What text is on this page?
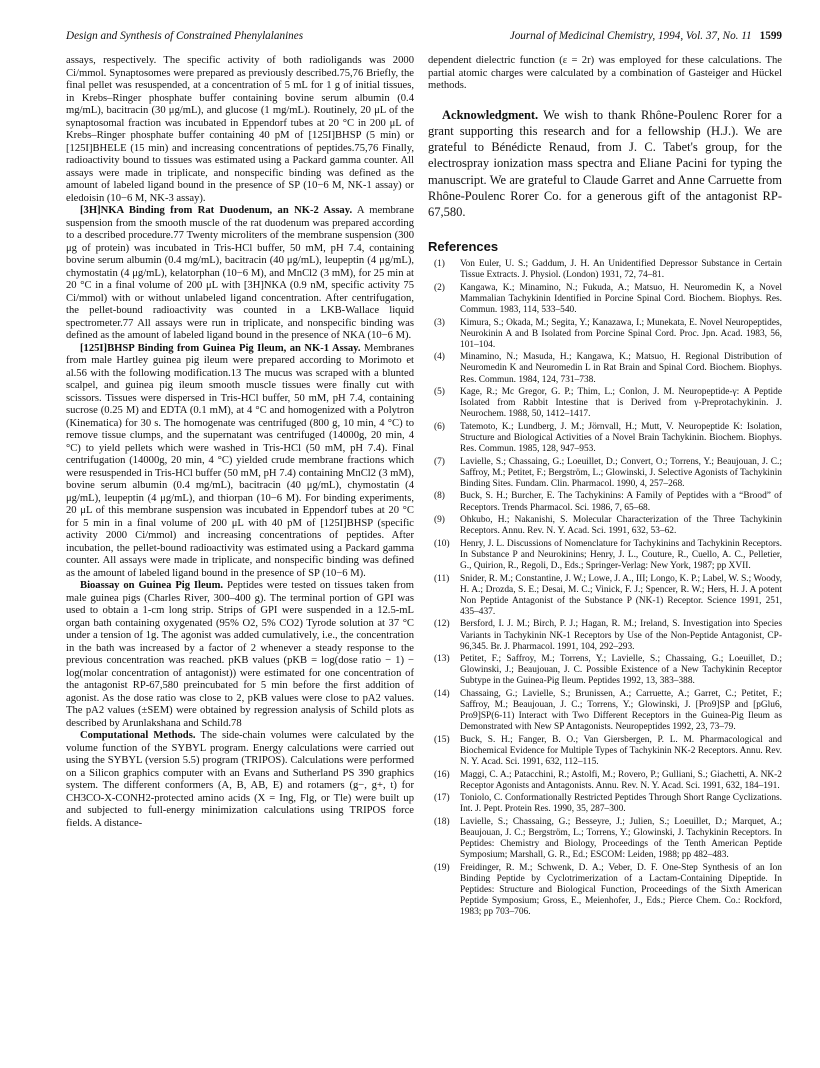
Design and Synthesis of Constrained Phenylalanines	Journal of Medicinal Chemistry, 1994, Vol. 37, No. 11 1599

assays, respectively. The specific activity of both radioligands was 2000 Ci/mmol. Synaptosomes were prepared as previously described.75,76 Briefly, the final pellet was resuspended, at a concentration of 5 mL for 1 g of initial tissues, in Krebs–Ringer phosphate buffer containing bovine serum albumin (0.4 mg/mL), bacitracin (30 μg/mL), and glucose (1 mg/mL). Routinely, 20 μL of the synaptosomal fraction was incubated in Eppendorf tubes at 20 °C in 200 μL of Krebs–Ringer phosphate buffer containing 40 pM of [125I]BHSP (5 min) or [125I]BHELE (15 min) and increasing concentrations of peptides.75,76 Finally, radioactivity bound to tissues was estimated using a Packard gamma counter. All assays were made in triplicate, and nonspecific binding was defined as the amount of labeled ligand bound in the presence of SP (10−6 M, NK-1 assay) or eledoisin (10−6 M, NK-3 assay).

[3H]NKA Binding from Rat Duodenum, an NK-2 Assay. A membrane suspension from the smooth muscle of the rat duodenum was prepared according to a described procedure.77 Twenty microliters of the membrane suspension (300 μg of protein) was incubated in Tris-HCl buffer, 50 mM, pH 7.4, containing bovine serum albumin (0.4 mg/mL), bacitracin (40 μg/mL), leupeptin (4 μg/mL), chymostatin (4 μg/mL), kelatorphan (10−6 M), and MnCl2 (3 mM), for 25 min at 20 °C in a final volume of 200 μL with [3H]NKA (0.9 nM, specific activity 75 Ci/mmol) with or without unlabeled ligand concentration. After centrifugation, the pellet-bound radioactivity was counted in a LKB-Wallace liquid spectrometer.77 All assays were run in triplicate, and nonspecific binding was defined as the amount of labeled ligand bound in the presence of NKA (10−6 M).

[125I]BHSP Binding from Guinea Pig Ileum, an NK-1 Assay. Membranes from male Hartley guinea pig ileum were prepared according to Morimoto et al.56 with the following modification.13 The mucus was scraped with a blunted scalpel, and guinea pig ileum smooth muscle tissues were finally cut with scissors. Tissues were dispersed in Tris-HCl buffer, 50 mM, pH 7.4, containing sucrose (0.25 M) and EDTA (0.1 mM), at 4 °C and homogenized with a Polytron (Kinematica) for 30 s. The homogenate was centrifuged (800 g, 10 min, 4 °C) to remove tissue clumps, and the supernatant was centrifuged (14000g, 20 min, 4 °C) to yield pellets which were washed in Tris-HCl (50 mM, pH 7.4). Final centrifugation (14000g, 20 min, 4 °C) yielded crude membrane fractions which were resuspended in Tris-HCl buffer (50 mM, pH 7.4) containing MnCl2 (3 mM), bovine serum albumin (0.4 mg/mL), bacitracin (40 μg/mL), chymostatin (4 μg/mL), leupeptin (4 μg/mL), and thiorpan (10−6 M). For binding experiments, 20 μL of this membrane suspension was incubated in Eppendorf tubes at 20 °C for 5 min in a final volume of 200 μL with 40 pM of [125I]BHSP (specific activity 2000 Ci/mmol) and increasing concentrations of peptides. After incubation, the pellet-bound radioactivity was estimated using a Packard gamma counter. All assays were made in triplicate, and nonspecific binding was defined as the amount of labeled ligand bound in the presence of SP (10−6 M).

Bioassay on Guinea Pig Ileum. Peptides were tested on tissues taken from male guinea pigs (Charles River, 300–400 g). The terminal portion of GPI was used to obtain a 1-cm long strip. Strips of GPI were suspended in a 12.5-mL organ bath containing oxygenated (95% O2, 5% CO2) Tyrode solution at 37 °C under a tension of 1g. The agonist was added cumulatively, i.e., the concentration in the bath was increased by a factor of 2 whenever a steady response to the previous concentration was reached. pKB values (pKB = log(dose ratio − 1) − log(molar concentration of antagonist)) were estimated for one concentration of the antagonist RP-67,580 preincubated for 5 min before the first addition of agonist. As the dose ratio was close to 2, pKB values were close to pA2 values. The pA2 values (±SEM) were obtained by regression analysis of Schild plots as described by Arunlakshana and Schild.78

Computational Methods. The side-chain volumes were calculated by the volume function of the SYBYL program. Energy calculations were carried out using the SYBYL (version 5.5) program (TRIPOS). Calculations were performed on a Silicon graphics computer with an Evans and Sutherland PS 390 graphics system. The different conformers (A, B, AB, E) and rotamers (g−, g+, t) for CH3CO-X-CONH2-protected amino acids (X = Ing, Flg, or Tle) were built up and subjected to full-energy minimization calculations using TRIPOS force fields. A distance-

dependent dielectric function (ε = 2r) was employed for these calculations. The partial atomic charges were calculated by a combination of Gasteiger and Hückel methods.

Acknowledgment. We wish to thank Rhône-Poulenc Rorer for a grant supporting this research and for a fellowship (H.J.). We are grateful to Bénédicte Renaud, from J. C. Tabet's group, for the electrospray ionization mass spectra and Eliane Pacini for typing the manuscript. We are grateful to Claude Garret and Anne Carruette from Rhône-Poulenc Rorer Co. for a generous gift of the antagonist RP-67,580.

References
(1) Von Euler, U. S.; Gaddum, J. H. An Unidentified Depressor Substance in Certain Tissue Extracts. J. Physiol. (London) 1931, 72, 74–81.
(2) Kangawa, K.; Minamino, N.; Fukuda, A.; Matsuo, H. Neuromedin K, a Novel Mammalian Tachykinin Identified in Porcine Spinal Cord. Biochem. Biophys. Res. Commun. 1983, 114, 533–540.
(3) Kimura, S.; Okada, M.; Segita, Y.; Kanazawa, I.; Munekata, E. Novel Neuropeptides, Neurokinin A and B Isolated from Porcine Spinal Cord. Proc. Jpn. Acad. 1983, 56, 101–104.
(4) Minamino, N.; Masuda, H.; Kangawa, K.; Matsuo, H. Regional Distribution of Neuromedin K and Neuromedin L in Rat Brain and Spinal Cord. Biochem. Biophys. Res. Commun. 1984, 124, 731–738.
(5) Kage, R.; Mc Gregor, G. P.; Thim, L.; Conlon, J. M. Neuropeptide-γ: A Peptide Isolated from Rabbit Intestine that is Derived from γ-Preprotachykinin. J. Neurochem. 1988, 50, 1412–1417.
(6) Tatemoto, K.; Lundberg, J. M.; Jörnvall, H.; Mutt, V. Neuropeptide K: Isolation, Structure and Biological Activities of a Novel Brain Tachykinin. Biochem. Biophys. Res. Commun. 1985, 128, 947–953.
(7) Lavielle, S.; Chassaing, G.; Loeuillet, D.; Convert, O.; Torrens, Y.; Beaujouan, J. C.; Saffroy, M.; Petitet, F.; Bergström, L.; Glowinski, J. Selective Agonists of Tachykinin Binding Sites. Fundam. Clin. Pharmacol. 1990, 4, 257–268.
(8) Buck, S. H.; Burcher, E. The Tachykinins: A Family of Peptides with a “Brood” of Receptors. Trends Pharmacol. Sci. 1986, 7, 65–68.
(9) Ohkubo, H.; Nakanishi, S. Molecular Characterization of the Three Tachykinin Receptors. Annu. Rev. N. Y. Acad. Sci. 1991, 632, 53–62.
(10) Henry, J. L. Discussions of Nomenclature for Tachykinins and Tachykinin Receptors. In Substance P and Neurokinins; Henry, J. L., Couture, R., Cuello, A. C., Pelletier, G., Quirion, R., Regoli, D., Eds.; Springer-Verlag: New York, 1987; pp XVII.
(11) Snider, R. M.; Constantine, J. W.; Lowe, J. A., III; Longo, K. P.; Label, W. S.; Woody, H. A.; Drozda, S. E.; Desai, M. C.; Vinick, F. J.; Spencer, R. W.; Hers, H. J. A potent Non Peptide Antagonist of the Substance P (NK-1) Receptor. Science 1991, 251, 435–437.
(12) Bersford, I. J. M.; Birch, P. J.; Hagan, R. M.; Ireland, S. Investigation into Species Variants in Tachykinin NK-1 Receptors by Use of the Non-Peptide Antagonist, CP-96,345. Br. J. Pharmacol. 1991, 104, 292–293.
(13) Petitet, F.; Saffroy, M.; Torrens, Y.; Lavielle, S.; Chassaing, G.; Loeuillet, D.; Glowinski, J.; Beaujouan, J. C. Possible Existence of a New Tachykinin Receptor Subtype in the Guinea-Pig Ileum. Peptides 1992, 13, 383–388.
(14) Chassaing, G.; Lavielle, S.; Brunissen, A.; Carruette, A.; Garret, C.; Petitet, F.; Saffroy, M.; Beaujouan, J. C.; Torrens, Y.; Glowinski, J. [Pro9]SP and [pGlu6, Pro9]SP(6-11) Interact with Two Different Receptors in the Guinea-Pig Ileum as Demonstrated with New SP Antagonists. Neuropeptides 1992, 23, 73–79.
(15) Buck, S. H.; Fanger, B. O.; Van Giersbergen, P. L. M. Pharmacological and Biochemical Evidence for Multiple Types of Tachykinin NK-2 Receptors. Annu. Rev. N. Y. Acad. Sci. 1991, 632, 112–115.
(16) Maggi, C. A.; Patacchini, R.; Astolfi, M.; Rovero, P.; Gulliani, S.; Giachetti, A. NK-2 Receptor Agonists and Antagonists. Annu. Rev. N. Y. Acad. Sci. 1991, 632, 184–191.
(17) Toniolo, C. Conformationally Restricted Peptides Through Short Range Cyclizations. Int. J. Pept. Protein Res. 1990, 35, 287–300.
(18) Lavielle, S.; Chassaing, G.; Besseyre, J.; Julien, S.; Loeuillet, D.; Marquet, A.; Beaujouan, J. C.; Bergström, L.; Torrens, Y.; Glowinski, J. Tachykinin Receptors. In Peptides: Chemistry and Biology, Proceedings of the Tenth American Peptide Symposium; Marshall, G. R., Ed.; ESCOM: Leiden, 1988; pp 482–483.
(19) Freidinger, R. M.; Schwenk, D. A.; Veber, D. F. One-Step Synthesis of an Ion Binding Peptide by Cyclotrimerization of a Lactam-Containing Dipeptide. In Peptides: Structure and Biological Function, Proceedings of the Sixth American Peptide Symposium; Gross, E., Meienhofer, J., Eds.; Pierce Chem. Co.: Rockford, 1983; pp 703–706.
